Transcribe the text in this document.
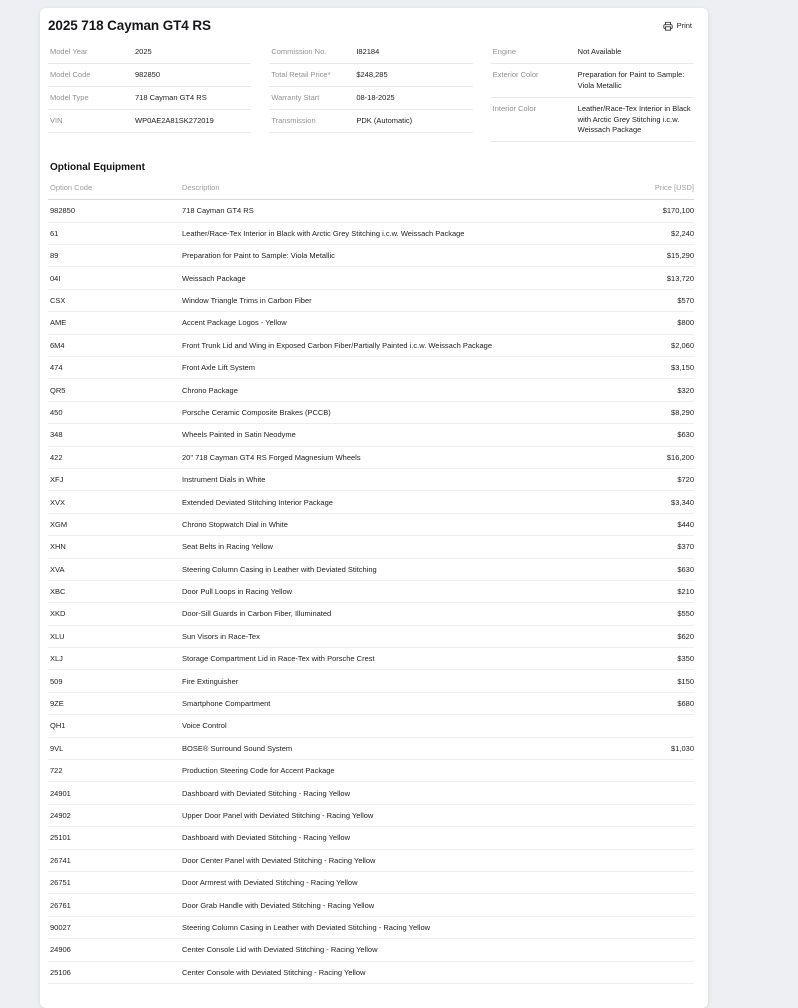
2025 718 Cayman GT4 RS	Print
Model Year	2025
Model Code	982850
Model Type	718 Cayman GT4 RS
VIN	WP0AE2A81SK272019
Commission No.	I82184
Total Retail Price*	$248,285
Warranty Start	08-18-2025
Transmission	PDK (Automatic)
Engine	Not Available
Exterior Color	Preparation for Paint to Sample: Viola Metallic
Interior Color	Leather/Race-Tex Interior in Black with Arctic Grey Stitching i.c.w. Weissach Package
Optional Equipment
Option Code	Description	Price [USD]
982850	718 Cayman GT4 RS	$170,100
61	Leather/Race-Tex Interior in Black with Arctic Grey Stitching i.c.w. Weissach Package	$2,240
89	Preparation for Paint to Sample: Viola Metallic	$15,290
04I	Weissach Package	$13,720
CSX	Window Triangle Trims in Carbon Fiber	$570
AME	Accent Package Logos - Yellow	$800
6M4	Front Trunk Lid and Wing in Exposed Carbon Fiber/Partially Painted i.c.w. Weissach Package	$2,060
474	Front Axle Lift System	$3,150
QR5	Chrono Package	$320
450	Porsche Ceramic Composite Brakes (PCCB)	$8,290
348	Wheels Painted in Satin Neodyme	$630
422	20" 718 Cayman GT4 RS Forged Magnesium Wheels	$16,200
XFJ	Instrument Dials in White	$720
XVX	Extended Deviated Stitching Interior Package	$3,340
XGM	Chrono Stopwatch Dial in White	$440
XHN	Seat Belts in Racing Yellow	$370
XVA	Steering Column Casing in Leather with Deviated Stitching	$630
XBC	Door Pull Loops in Racing Yellow	$210
XKD	Door-Sill Guards in Carbon Fiber, Illuminated	$550
XLU	Sun Visors in Race-Tex	$620
XLJ	Storage Compartment Lid in Race-Tex with Porsche Crest	$350
509	Fire Extinguisher	$150
9ZE	Smartphone Compartment	$680
QH1	Voice Control
9VL	BOSE® Surround Sound System	$1,030
722	Production Steering Code for Accent Package
24901	Dashboard with Deviated Stitching - Racing Yellow
24902	Upper Door Panel with Deviated Stitching - Racing Yellow
25101	Dashboard with Deviated Stitching - Racing Yellow
26741	Door Center Panel with Deviated Stitching - Racing Yellow
26751	Door Armrest with Deviated Stitching - Racing Yellow
26761	Door Grab Handle with Deviated Stitching - Racing Yellow
90027	Steering Column Casing in Leather with Deviated Stitching - Racing Yellow
24906	Center Console Lid with Deviated Stitching - Racing Yellow
25106	Center Console with Deviated Stitching - Racing Yellow
